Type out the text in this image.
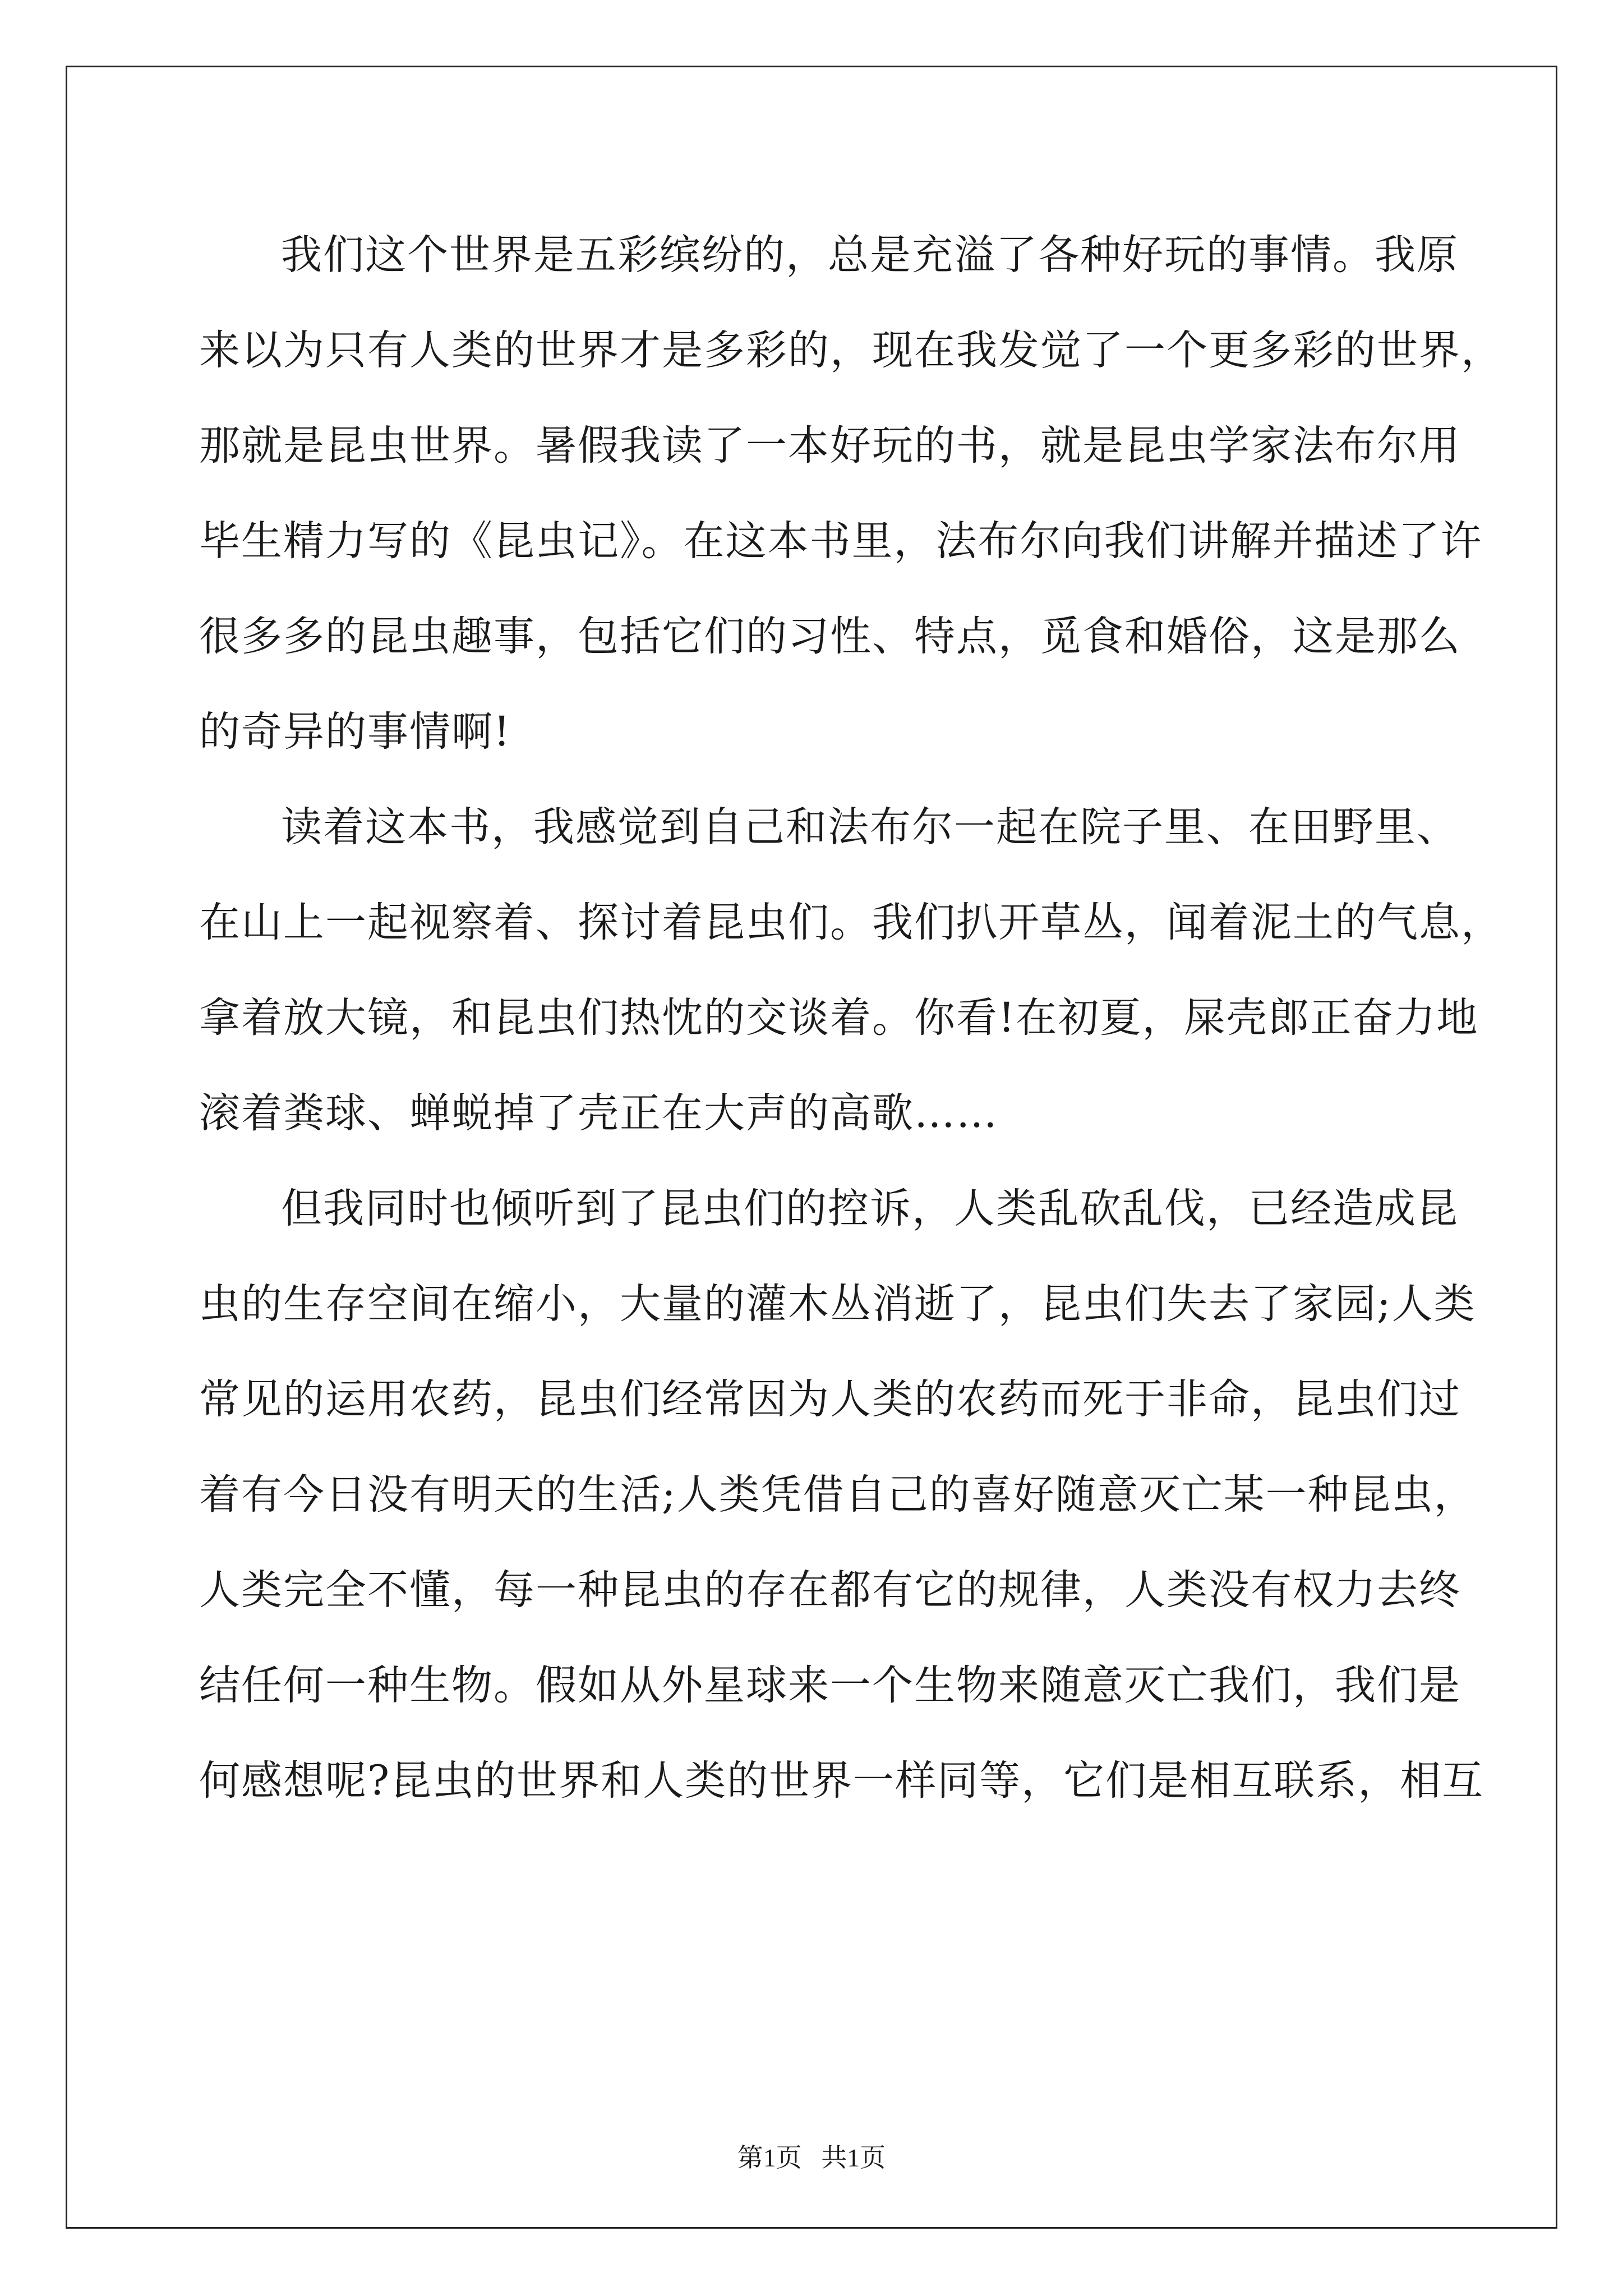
我们这个世界是五彩缤纷的，总是充溢了各种好玩的事情。我原
来以为只有人类的世界才是多彩的，现在我发觉了一个更多彩的世界，
那就是昆虫世界。暑假我读了一本好玩的书，就是昆虫学家法布尔用
毕生精力写的《昆虫记》。在这本书里，法布尔向我们讲解并描述了许
很多多的昆虫趣事，包括它们的习性、特点，觅食和婚俗，这是那么
的奇异的事情啊!
读着这本书，我感觉到自己和法布尔一起在院子里、在田野里、
在山上一起视察着、探讨着昆虫们。我们扒开草丛，闻着泥土的气息，
拿着放大镜，和昆虫们热忱的交谈着。你看!在初夏，屎壳郎正奋力地
滚着粪球、蝉蜕掉了壳正在大声的高歌……
但我同时也倾听到了昆虫们的控诉，人类乱砍乱伐，已经造成昆
虫的生存空间在缩小，大量的灌木丛消逝了，昆虫们失去了家园;人类
常见的运用农药，昆虫们经常因为人类的农药而死于非命，昆虫们过
着有今日没有明天的生活;人类凭借自己的喜好随意灭亡某一种昆虫，
人类完全不懂，每一种昆虫的存在都有它的规律，人类没有权力去终
结任何一种生物。假如从外星球来一个生物来随意灭亡我们，我们是
何感想呢?昆虫的世界和人类的世界一样同等，它们是相互联系，相互
第1页   共1页
